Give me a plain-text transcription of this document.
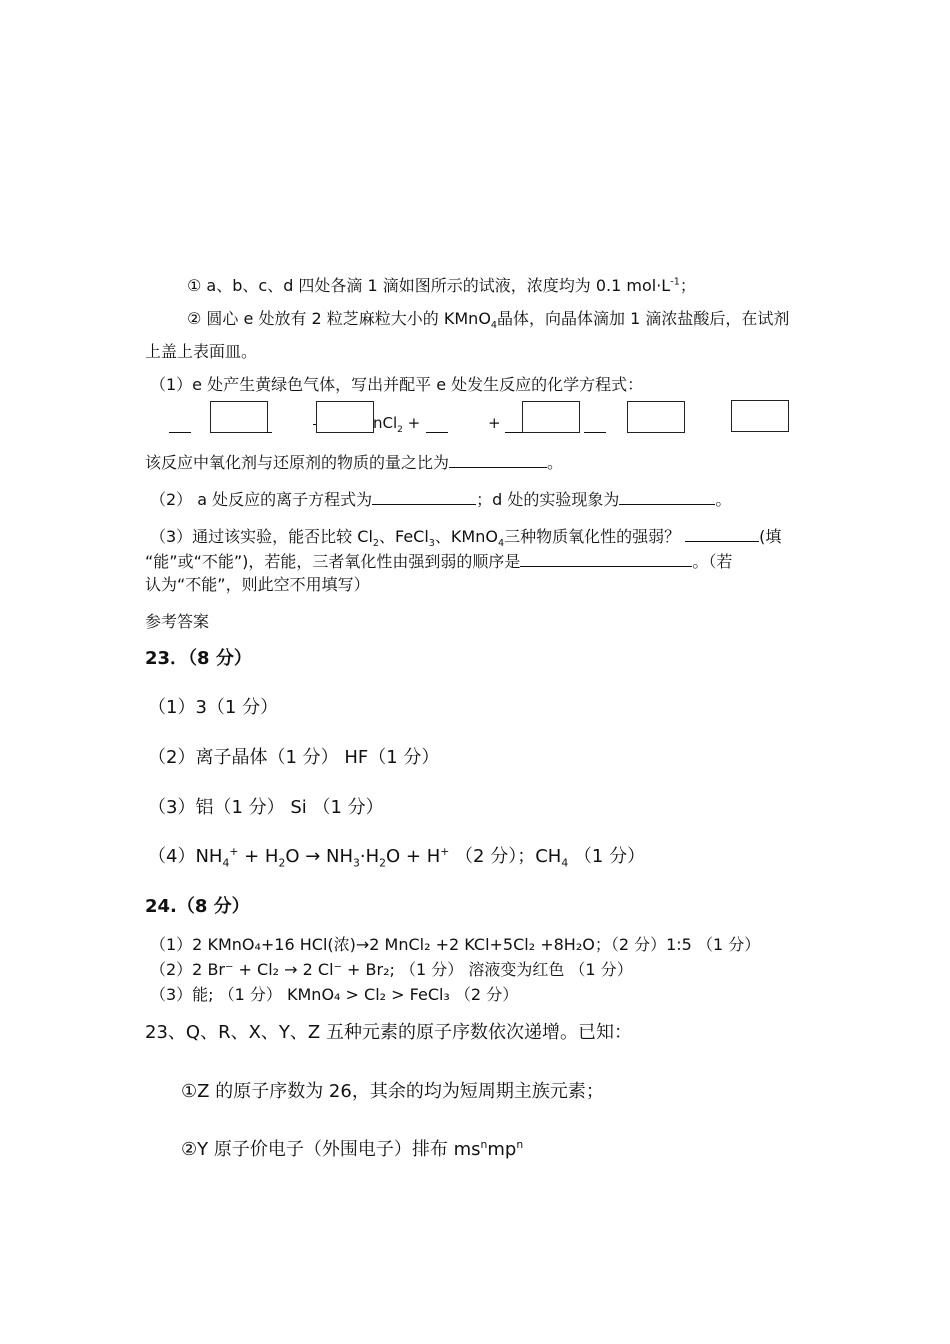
① a、b、c、d 四处各滴 1 滴如图所示的试液，浓度均为 0.1 $mol\cdot L^{-1}$；
② 圆心 e 处放有 2 粒芝麻粒大小的 KMnO$_4$晶体，向晶体滴加 1 滴浓盐酸后，在试剂
上盖上表面皿。
（1）e 处产生黄绿色气体，写出并配平 e 处发生反应的化学方程式：
nCl$_2$ +	+
该反应中氧化剂与还原剂的物质的量之比为	。
（2） a 处反应的离子方程式为	；d 处的实验现象为	。
（3）通过该实验，能否比较 $Cl_2$、FeCl$_3$、KMnO$_4$三种物质氧化性的强弱？	(填
“能”或“不能”)，若能，三者氧化性由强到弱的顺序是	。（若
认为“不能”，则此空不用填写）
参考答案
23．（8 分）
（1）3（1 分）
（2）离子晶体（1 分） HF（1 分）
（3）铝（1 分） Si （1 分）
$(4)NH_4^+ + H_2O \to NH_3\cdot H_2O + H^+$ （2 分）；$CH_4$ （1 分）
24.（8 分）
（1）2 KMnO₄+16 HCl(浓)→2 MnCl₂ +2 KCl+5Cl₂ +8H₂O；（2 分）1:5 （1 分）
（2）2 Br⁻ + Cl₂ → 2 Cl⁻ + Br₂; （1 分） 溶液变为红色 （1 分）
（3）能; （1 分） KMnO₄ > Cl₂ > FeCl₃ （2 分）
23、Q、R、X、Y、Z 五种元素的原子序数依次递增。已知：
①Z 的原子序数为 26，其余的均为短周期主族元素；
②Y 原子价电子（外围电子）排布 $ms^nmp^n$
